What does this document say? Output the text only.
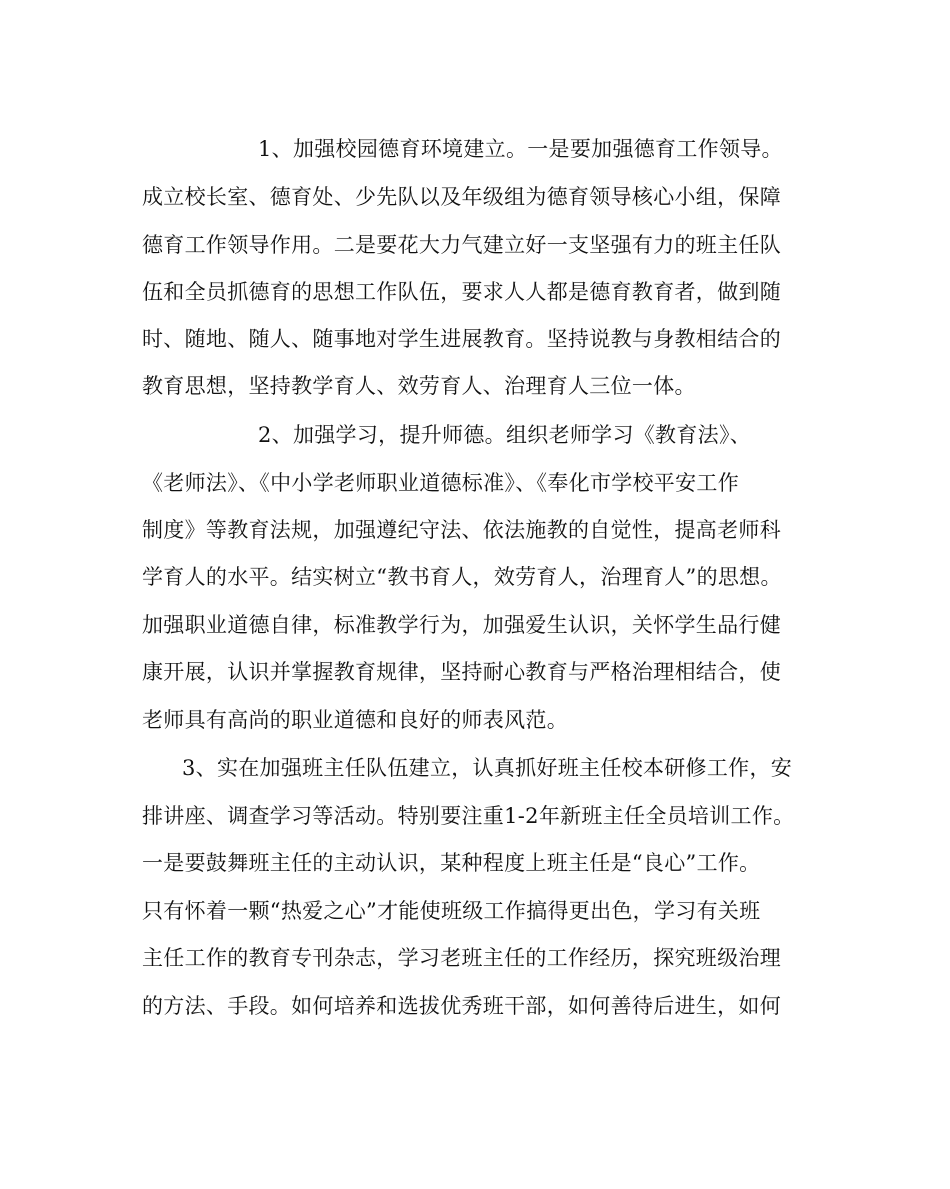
1、加强校园德育环境建立。一是要加强德育工作领导。
成立校长室、德育处、少先队以及年级组为德育领导核心小组，保障
德育工作领导作用。二是要花大力气建立好一支坚强有力的班主任队
伍和全员抓德育的思想工作队伍，要求人人都是德育教育者，做到随
时、随地、随人、随事地对学生进展教育。坚持说教与身教相结合的
教育思想，坚持教学育人、效劳育人、治理育人三位一体。
2、加强学习，提升师德。组织老师学习《教育法》、
《老师法》、《中小学老师职业道德标准》、《奉化市学校平安工作
制度》等教育法规，加强遵纪守法、依法施教的自觉性，提高老师科
学育人的水平。结实树立“教书育人，效劳育人，治理育人”的思想。
加强职业道德自律，标准教学行为，加强爱生认识，关怀学生品行健
康开展，认识并掌握教育规律，坚持耐心教育与严格治理相结合，使
老师具有高尚的职业道德和良好的师表风范。
3、实在加强班主任队伍建立，认真抓好班主任校本研修工作，安
排讲座、调查学习等活动。特别要注重1-2年新班主任全员培训工作。
一是要鼓舞班主任的主动认识，某种程度上班主任是“良心”工作。
只有怀着一颗“热爱之心”才能使班级工作搞得更出色，学习有关班
主任工作的教育专刊杂志，学习老班主任的工作经历，探究班级治理
的方法、手段。如何培养和选拔优秀班干部，如何善待后进生，如何
